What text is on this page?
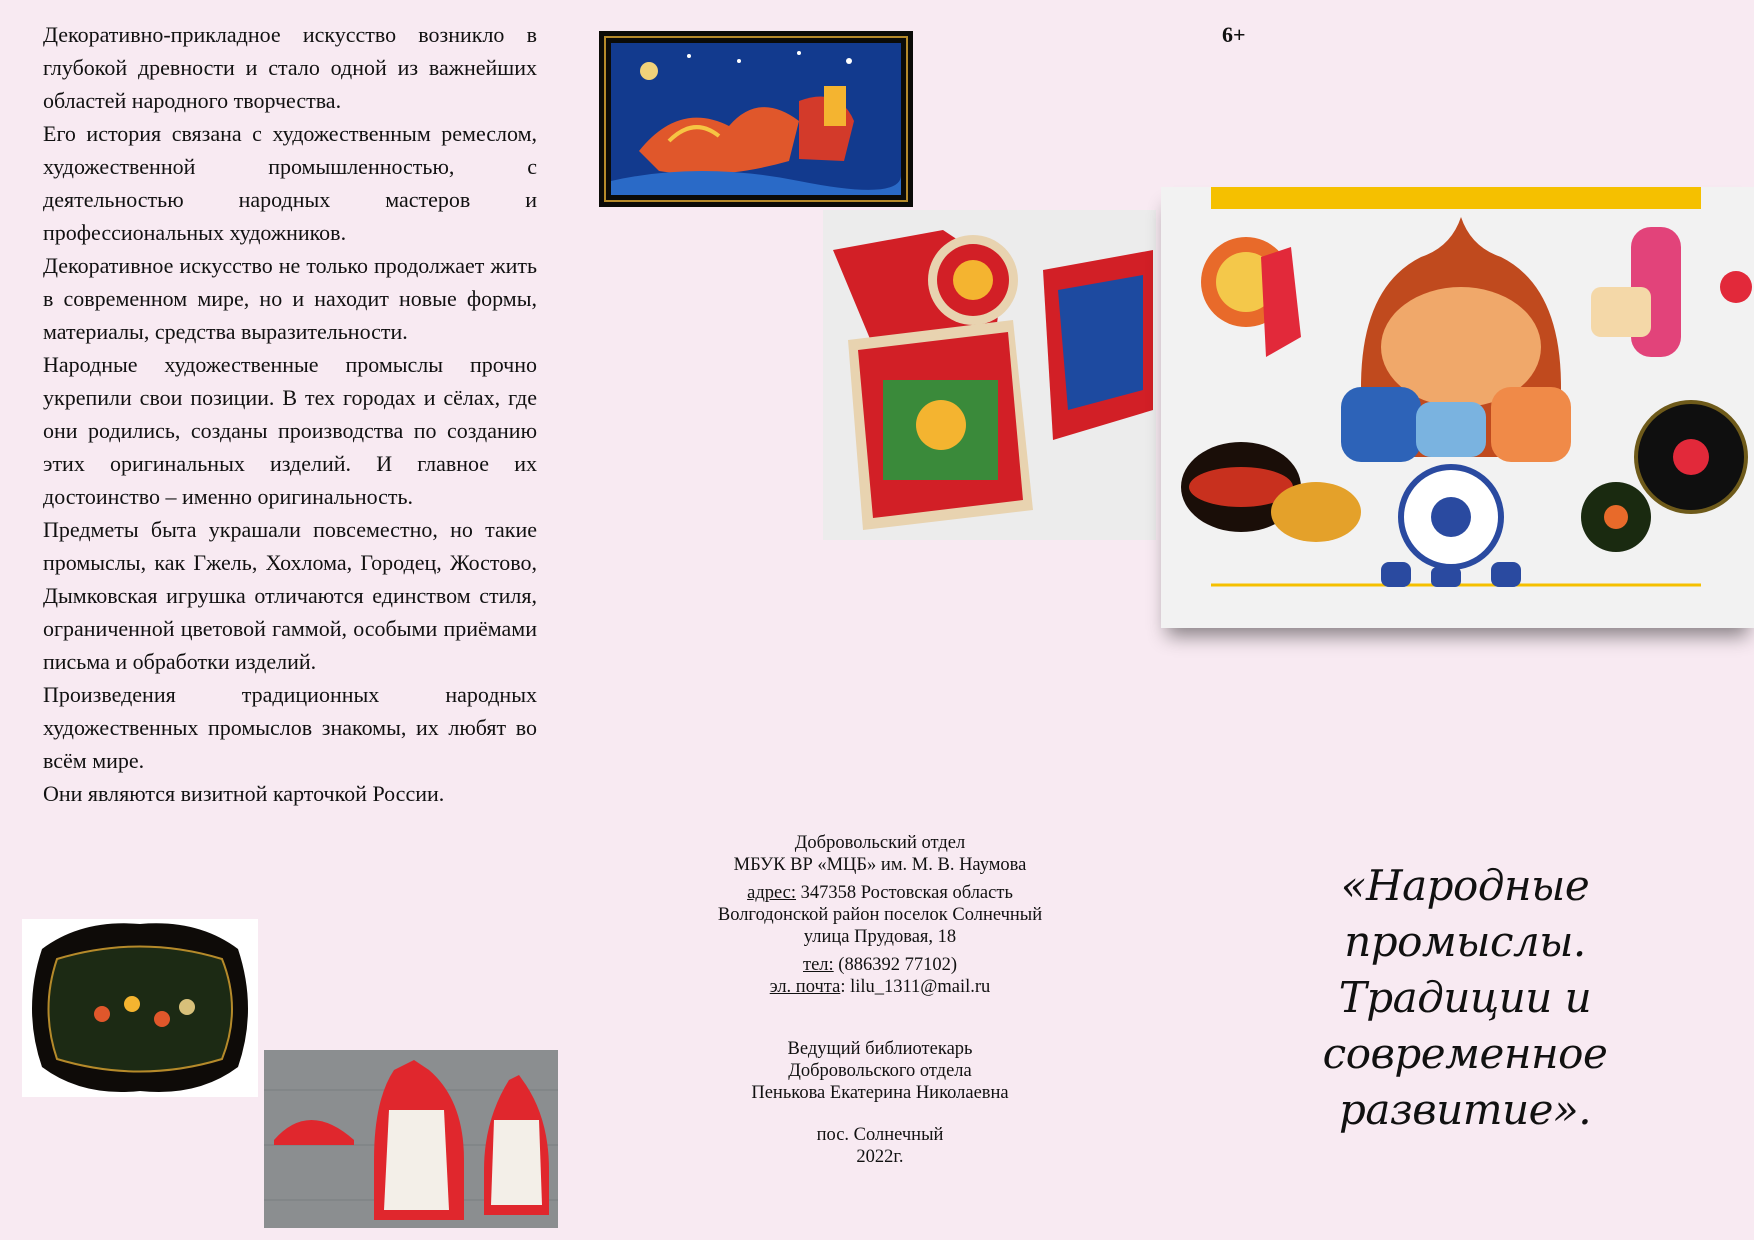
6+

Декоративно-прикладное искусство возникло в глубокой древности и стало одной из важнейших областей народного творчества.

Его история связана с художественным ремеслом, художественной промышленностью, с деятельностью народных мастеров и профессиональных художников.

Декоративное искусство не только продолжает жить в современном мире, но и находит новые формы, материалы, средства выразительности.

Народные художественные промыслы прочно укрепили свои позиции. В тех городах и сёлах, где они родились, созданы производства по созданию этих оригинальных изделий. И главное их достоинство – именно оригинальность.

Предметы быта украшали повсеместно, но такие промыслы, как Гжель, Хохлома, Городец, Жостово, Дымковская игрушка отличаются единством стиля, ограниченной цветовой гаммой, особыми приёмами письма и обработки изделий.

Произведения традиционных народных художественных промыслов знакомы, их любят во всём мире.

Они являются визитной карточкой России.

Добровольский отдел
МБУК ВР «МЦБ» им. М. В. Наумова
адрес: 347358 Ростовская область
Волгодонской район поселок Солнечный
улица Прудовая, 18
тел: (886392 77102)
эл. почта: lilu_1311@mail.ru
Ведущий библиотекарь
Добровольского отдела
Пенькова Екатерина Николаевна
пос. Солнечный
2022г.
«Народные промыслы.
Традиции и
современное развитие».
